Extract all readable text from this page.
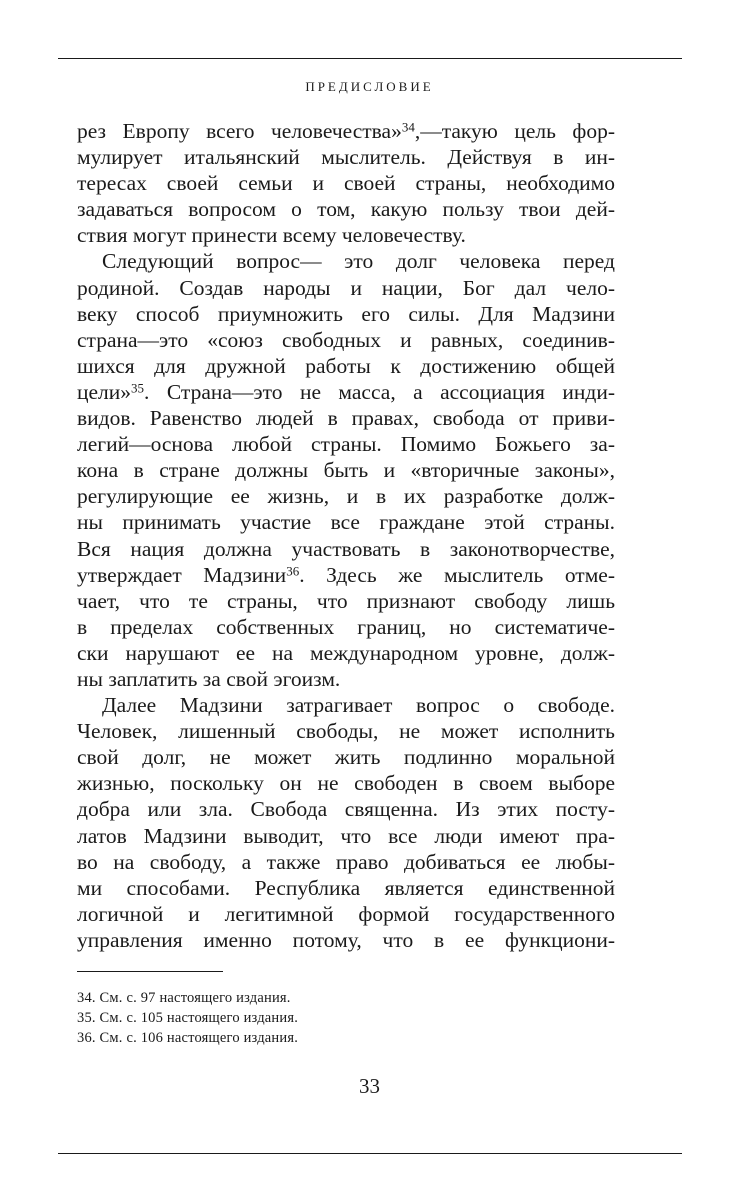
ПРЕДИСЛОВИЕ
рез Европу всего человечества»$^{34}$,—такую цель фор-
мулирует итальянский мыслитель. Действуя в ин-
тересах своей семьи и своей страны, необходимо
задаваться вопросом о том, какую пользу твои дей-
ствия могут принести всему человечеству.
Следующий вопрос— это долг человека перед
родиной. Создав народы и нации, Бог дал чело-
веку способ приумножить его силы. Для Мадзини
страна—это «союз свободных и равных, соединив-
шихся для дружной работы к достижению общей
цели»$^{35}$. Страна—это не масса, а ассоциация инди-
видов. Равенство людей в правах, свобода от приви-
легий—основа любой страны. Помимо Божьего за-
кона в стране должны быть и «вторичные законы»,
регулирующие ее жизнь, и в их разработке долж-
ны принимать участие все граждане этой страны.
Вся нация должна участвовать в законотворчестве,
утверждает Мадзини$^{36}$. Здесь же мыслитель отме-
чает, что те страны, что признают свободу лишь
в пределах собственных границ, но систематиче-
ски нарушают ее на международном уровне, долж-
ны заплатить за свой эгоизм.
Далее Мадзини затрагивает вопрос о свободе.
Человек, лишенный свободы, не может исполнить
свой долг, не может жить подлинно моральной
жизнью, поскольку он не свободен в своем выборе
добра или зла. Свобода священна. Из этих посту-
латов Мадзини выводит, что все люди имеют пра-
во на свободу, а также право добиваться ее любы-
ми способами. Республика является единственной
логичной и легитимной формой государственного
управления именно потому, что в ее функциони-
34. См. с. 97 настоящего издания.
35. См. с. 105 настоящего издания.
36. См. с. 106 настоящего издания.
33
